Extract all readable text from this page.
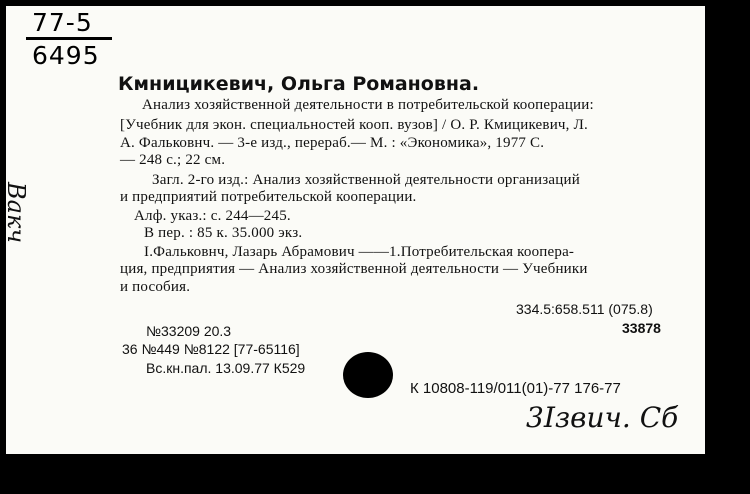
77-5
6495
Кмницикевич, Ольга Романовна.
Анализ хозяйственной деятельности в потребительской кооперации:
[Учебник для экон. специальностей кооп. вузов] / О. Р. Кмицикевич, Л.
А. Фальковнч. — 3-е изд., перераб.— М. : «Экономика», 1977 С.
— 248 с.; 22 см.
Загл. 2-го изд.: Анализ хозяйственной деятельности организаций
и предприятий потребительской кооперации.
Алф. указ.: с. 244—245.
В пер. : 85 к. 35.000 экз.
I.Фальковнч, Лазарь Абрамович ——1.Потребительская коопера-
ция, предприятия — Анализ хозяйственной деятельности — Учебники
и пособия.
334.5:658.511 (075.8)
33878
№33209 20.3
36 №449 №8122 [77-65116]
Вс.кн.пал. 13.09.77 К529
К 10808-119/011(01)-77 176-77
Вакч
3Iзвич. Сб
